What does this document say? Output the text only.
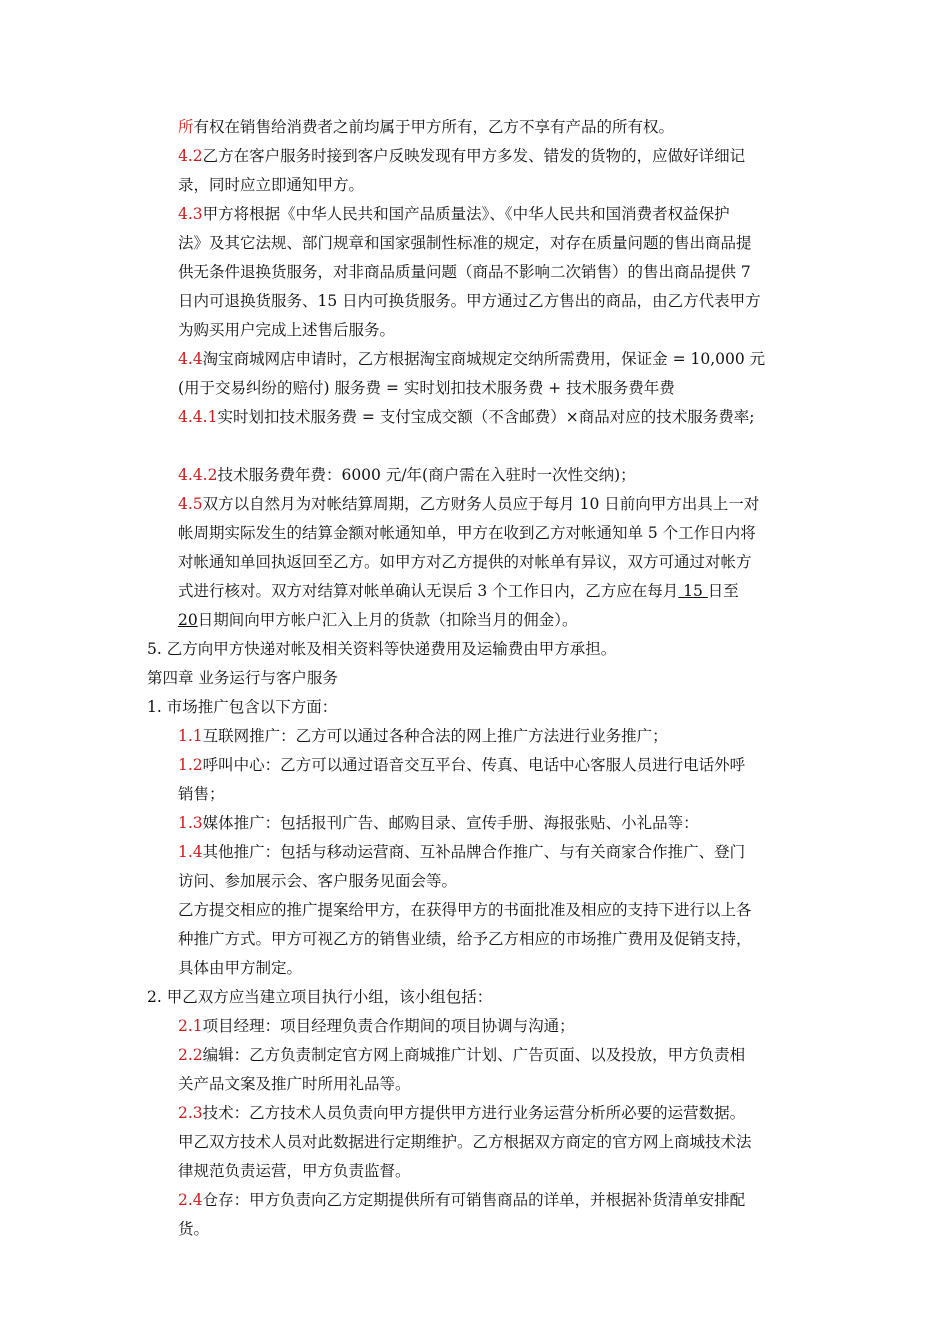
所有权在销售给消费者之前均属于甲方所有，乙方不享有产品的所有权。
4.2乙方在客户服务时接到客户反映发现有甲方多发、错发的货物的，应做好详细记
录，同时应立即通知甲方。
4.3甲方将根据《中华人民共和国产品质量法》、《中华人民共和国消费者权益保护
法》及其它法规、部门规章和国家强制性标准的规定，对存在质量问题的售出商品提
供无条件退换货服务，对非商品质量问题（商品不影响二次销售）的售出商品提供 7
日内可退换货服务、15 日内可换货服务。甲方通过乙方售出的商品，由乙方代表甲方
为购买用户完成上述售后服务。
4.4淘宝商城网店申请时，乙方根据淘宝商城规定交纳所需费用，保证金 = 10,000 元
(用于交易纠纷的赔付) 服务费 = 实时划扣技术服务费 + 技术服务费年费
4.4.1实时划扣技术服务费 = 支付宝成交额（不含邮费）×商品对应的技术服务费率;
4.4.2技术服务费年费：6000 元/年(商户需在入驻时一次性交纳)；
4.5双方以自然月为对帐结算周期，乙方财务人员应于每月 10 日前向甲方出具上一对
帐周期实际发生的结算金额对帐通知单，甲方在收到乙方对帐通知单 5 个工作日内将
对帐通知单回执返回至乙方。如甲方对乙方提供的对帐单有异议，双方可通过对帐方
式进行核对。双方对结算对帐单确认无误后 3 个工作日内，乙方应在每月 15 日至
20日期间向甲方帐户汇入上月的货款（扣除当月的佣金）。
5. 乙方向甲方快递对帐及相关资料等快递费用及运输费由甲方承担。
第四章 业务运行与客户服务
1. 市场推广包含以下方面：
1.1互联网推广：乙方可以通过各种合法的网上推广方法进行业务推广；
1.2呼叫中心：乙方可以通过语音交互平台、传真、电话中心客服人员进行电话外呼
销售；
1.3媒体推广：包括报刊广告、邮购目录、宣传手册、海报张贴、小礼品等：
1.4其他推广：包括与移动运营商、互补品牌合作推广、与有关商家合作推广、登门
访问、参加展示会、客户服务见面会等。
乙方提交相应的推广提案给甲方，在获得甲方的书面批准及相应的支持下进行以上各
种推广方式。甲方可视乙方的销售业绩，给予乙方相应的市场推广费用及促销支持，
具体由甲方制定。
2. 甲乙双方应当建立项目执行小组，该小组包括：
2.1项目经理：项目经理负责合作期间的项目协调与沟通；
2.2编辑：乙方负责制定官方网上商城推广计划、广告页面、以及投放，甲方负责相
关产品文案及推广时所用礼品等。
2.3技术：乙方技术人员负责向甲方提供甲方进行业务运营分析所必要的运营数据。
甲乙双方技术人员对此数据进行定期维护。乙方根据双方商定的官方网上商城技术法
律规范负责运营，甲方负责监督。
2.4仓存：甲方负责向乙方定期提供所有可销售商品的详单，并根据补货清单安排配
货。
